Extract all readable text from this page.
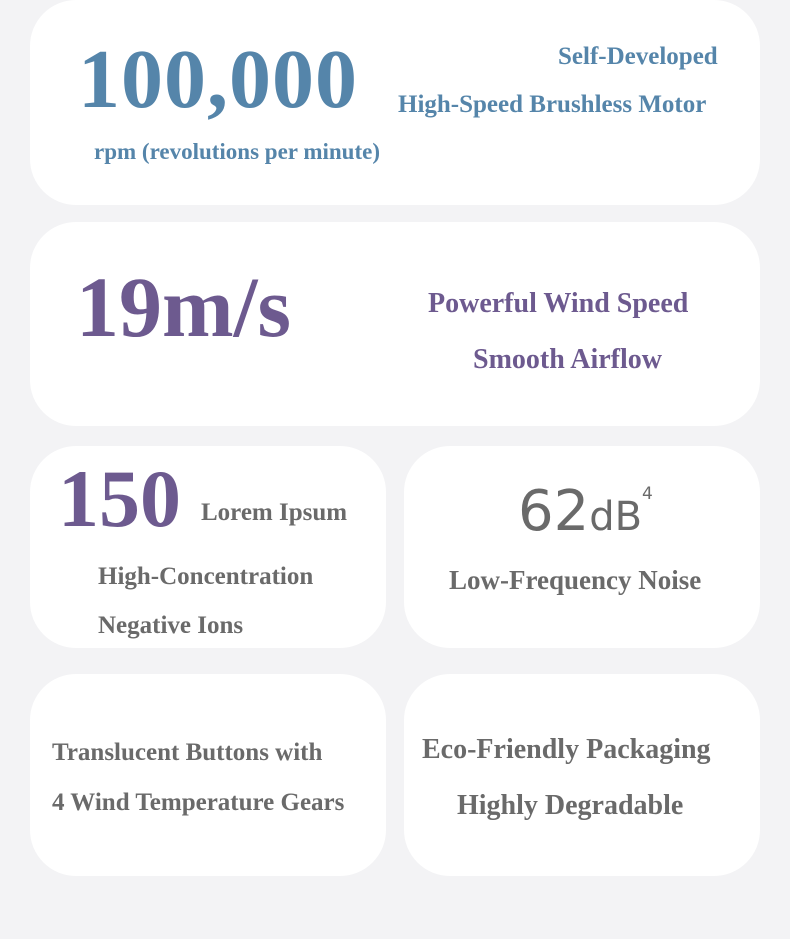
100,000
rpm (revolutions per minute)
Self-Developed
High-Speed Brushless Motor
19m/s	Powerful Wind Speed
Smooth Airflow
150 Lorem Ipsum
High-Concentration
Negative Ions
62dB 4
Low-Frequency Noise
Translucent Buttons with
4 Wind Temperature Gears
Eco-Friendly Packaging
Highly Degradable
